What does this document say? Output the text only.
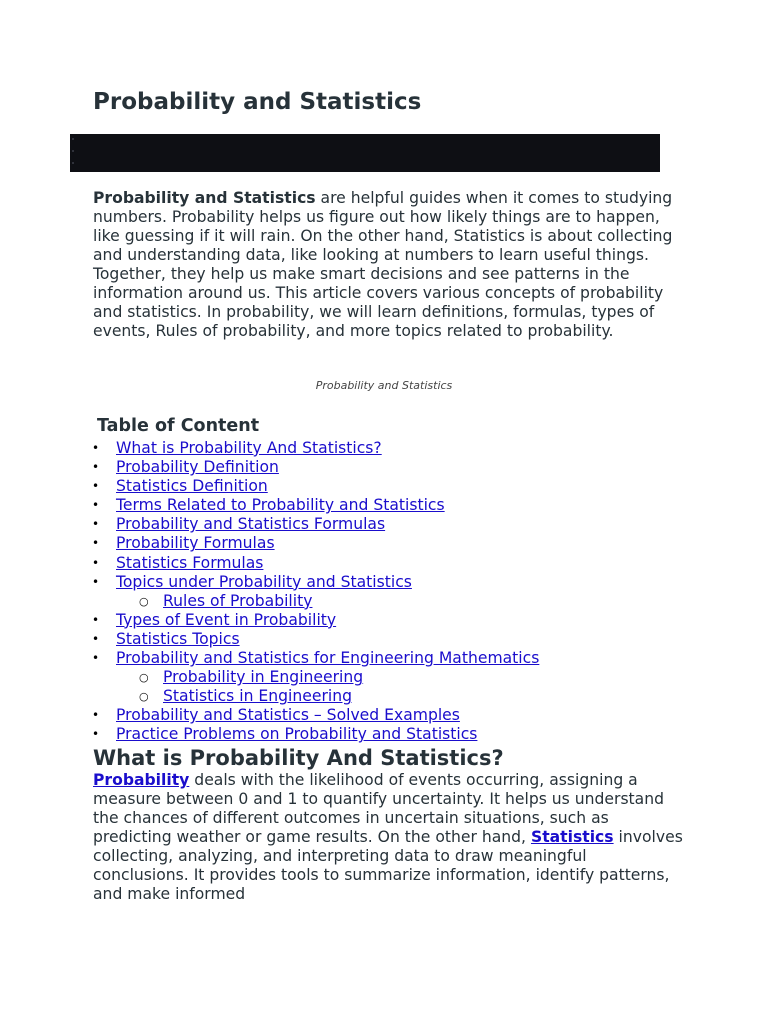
Probability and Statistics

Probability and Statistics are helpful guides when it comes to studying numbers. Probability helps us figure out how likely things are to happen, like guessing if it will rain. On the other hand, Statistics is about collecting and understanding data, like looking at numbers to learn useful things. Together, they help us make smart decisions and see patterns in the information around us. This article covers various concepts of probability and statistics. In probability, we will learn definitions, formulas, types of events, Rules of probability, and more topics related to probability.

Probability and Statistics
Table of Content
• What is Probability And Statistics?
• Probability Definition
• Statistics Definition
• Terms Related to Probability and Statistics
• Probability and Statistics Formulas
• Probability Formulas
• Statistics Formulas
• Topics under Probability and Statistics
○ Rules of Probability
• Types of Event in Probability
• Statistics Topics
• Probability and Statistics for Engineering Mathematics
○ Probability in Engineering
○ Statistics in Engineering
• Probability and Statistics – Solved Examples
• Practice Problems on Probability and Statistics
What is Probability And Statistics?

Probability deals with the likelihood of events occurring, assigning a measure between 0 and 1 to quantify uncertainty. It helps us understand the chances of different outcomes in uncertain situations, such as predicting weather or game results. On the other hand, Statistics involves collecting, analyzing, and interpreting data to draw meaningful conclusions. It provides tools to summarize information, identify patterns, and make informed
